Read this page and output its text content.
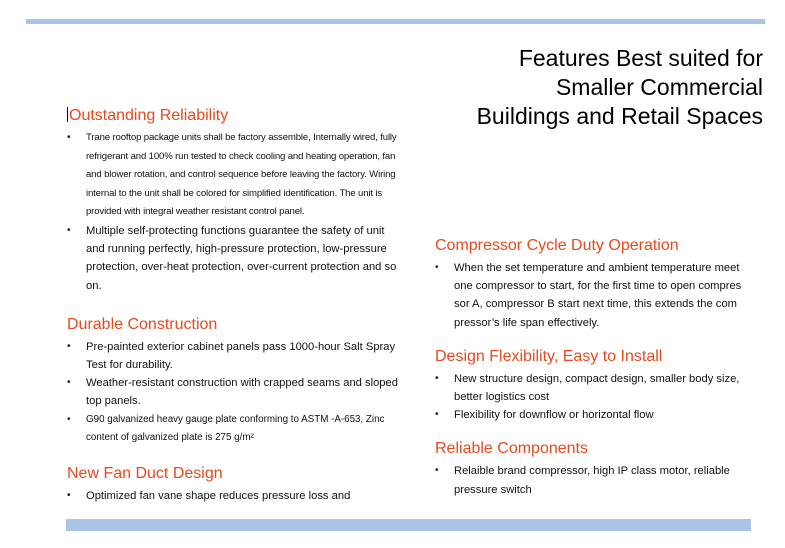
Features Best suited for
Smaller Commercial
Buildings and Retail Spaces
Outstanding Reliability
• Trane rooftop package units shall be factory assemble, Internally wired, fully refrigerant and 100% run tested to check cooling and heating operation, fan and blower rotation, and control sequence before leaving the factory. Wiring internal to the unit shall be colored for simplified identification. The unit is provided with integral weather resistant control panel.
• Multiple self-protecting functions guarantee the safety of unit and running perfectly, high-pressure protection, low-pressure protection, over-heat protection, over-current protection and so on.
Durable Construction
• Pre-painted exterior cabinet panels pass 1000-hour Salt Spray Test for durability.
• Weather-resistant construction with crapped seams and sloped top panels.
• G90 galvanized heavy gauge plate conforming to ASTM -A-653, Zinc content of galvanized plate is 275 g/m²
New Fan Duct Design
• Optimized fan vane shape reduces pressure loss and
Compressor Cycle Duty Operation
• When the set temperature and ambient temperature meet one compressor to start, for the first time to open compres sor A, compressor B start next time, this extends the com pressor’s life span effectively.
Design Flexibility, Easy to Install
• New structure design, compact design, smaller body size, better logistics cost
• Flexibility for downflow or horizontal flow
Reliable Components
• Relaible brand compressor, high IP class motor, reliable pressure switch
